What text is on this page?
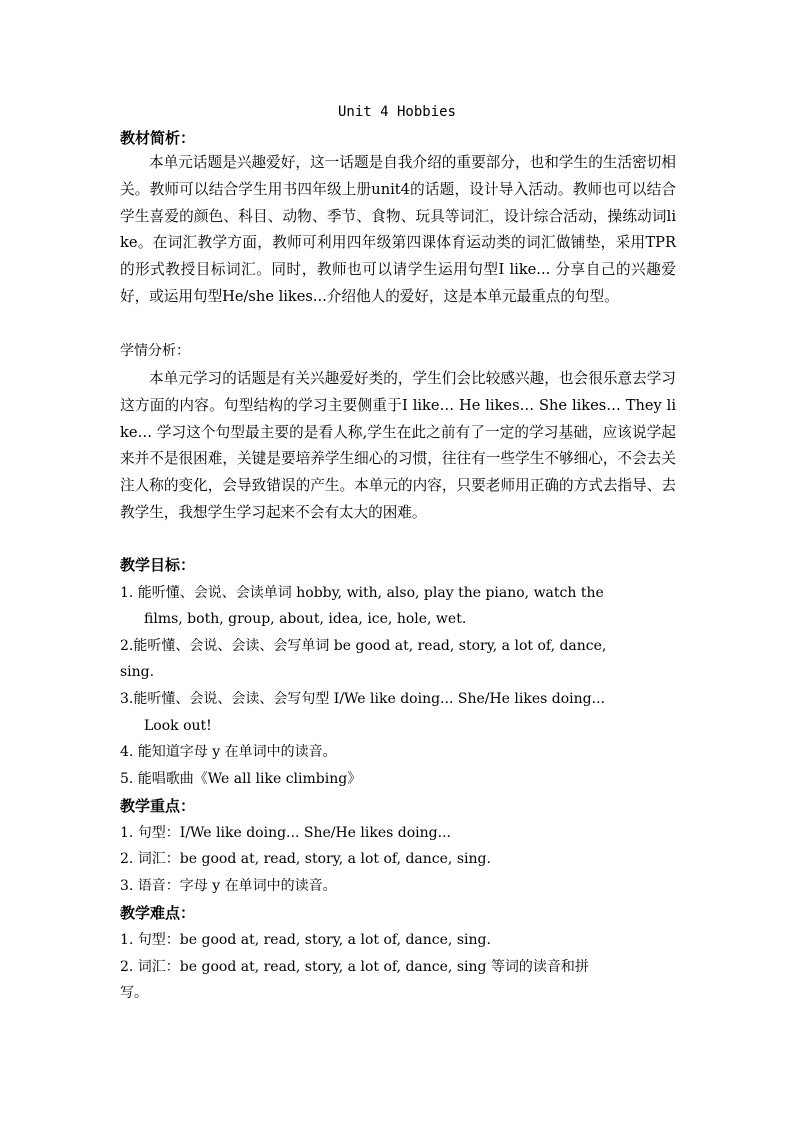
Unit 4 Hobbies
教材简析：
本单元话题是兴趣爱好，这一话题是自我介绍的重要部分，也和学生的生活密切相关。教师可以结合学生用书四年级上册unit4的话题，设计导入活动。教师也可以结合学生喜爱的颜色、科目、动物、季节、食物、玩具等词汇，设计综合活动，操练动词like。在词汇教学方面，教师可利用四年级第四课体育运动类的词汇做铺垫，采用TPR的形式教授目标词汇。同时，教师也可以请学生运用句型I like... 分享自己的兴趣爱好，或运用句型He/she likes...介绍他人的爱好，这是本单元最重点的句型。
学情分析：
本单元学习的话题是有关兴趣爱好类的，学生们会比较感兴趣，也会很乐意去学习这方面的内容。句型结构的学习主要侧重于I like… He likes… She likes… They like… 学习这个句型最主要的是看人称,学生在此之前有了一定的学习基础，应该说学起来并不是很困难，关键是要培养学生细心的习惯，往往有一些学生不够细心，不会去关注人称的变化，会导致错误的产生。本单元的内容，只要老师用正确的方式去指导、去教学生，我想学生学习起来不会有太大的困难。
教学目标：
1. 能听懂、会说、会读单词 hobby, with, also, play the piano, watch the
films, both, group, about, idea, ice, hole, wet.
2.能听懂、会说、会读、会写单词 be good at, read, story, a lot of, dance,
sing.
3.能听懂、会说、会读、会写句型 I/We like doing... She/He likes doing...
Look out!
4. 能知道字母 y 在单词中的读音。
5. 能唱歌曲《We all like climbing》
教学重点：
1. 句型：I/We like doing... She/He likes doing...
2. 词汇：be good at, read, story, a lot of, dance, sing.
3. 语音：字母 y 在单词中的读音。
教学难点：
1. 句型：be good at, read, story, a lot of, dance, sing.
2. 词汇：be good at, read, story, a lot of, dance, sing 等词的读音和拼
写。
